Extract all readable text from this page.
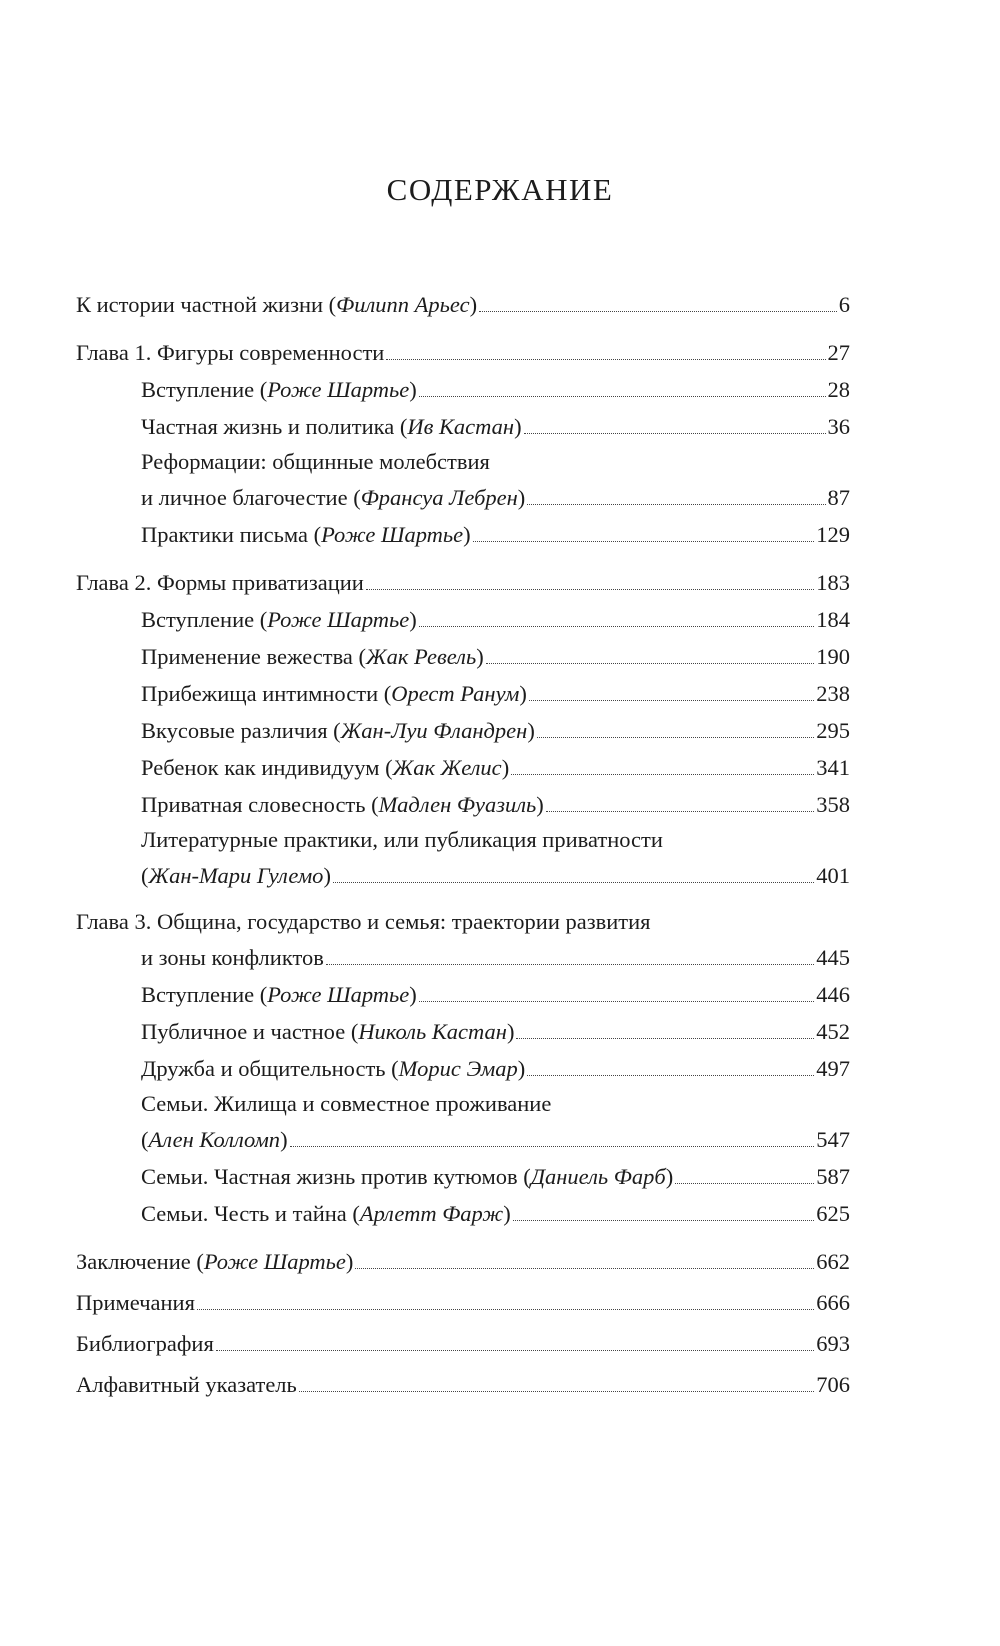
СОДЕРЖАНИЕ
К истории частной жизни (Филипп Арьес)	6
Глава 1. Фигуры современности	27
Вступление (Роже Шартье)	28
Частная жизнь и политика (Ив Кастан)	36
Реформации: общинные молебствия
и личное благочестие (Франсуа Лебрен)	87
Практики письма (Роже Шартье)	129
Глава 2. Формы приватизации	183
Вступление (Роже Шартье)	184
Применение вежества (Жак Ревель)	190
Прибежища интимности (Орест Ранум)	238
Вкусовые различия (Жан-Луи Фландрен)	295
Ребенок как индивидуум (Жак Желис)	341
Приватная словесность (Мадлен Фуазиль)	358
Литературные практики, или публикация приватности
(Жан-Мари Гулемо)	401
Глава 3. Община, государство и семья: траектории развития
и зоны конфликтов	445
Вступление (Роже Шартье)	446
Публичное и частное (Николь Кастан)	452
Дружба и общительность (Морис Эмар)	497
Семьи. Жилища и совместное проживание
(Ален Колломп)	547
Семьи. Частная жизнь против кутюмов (Даниель Фарб)	587
Семьи. Честь и тайна (Арлетт Фарж)	625
Заключение (Роже Шартье)	662
Примечания	666
Библиография	693
Алфавитный указатель	706
